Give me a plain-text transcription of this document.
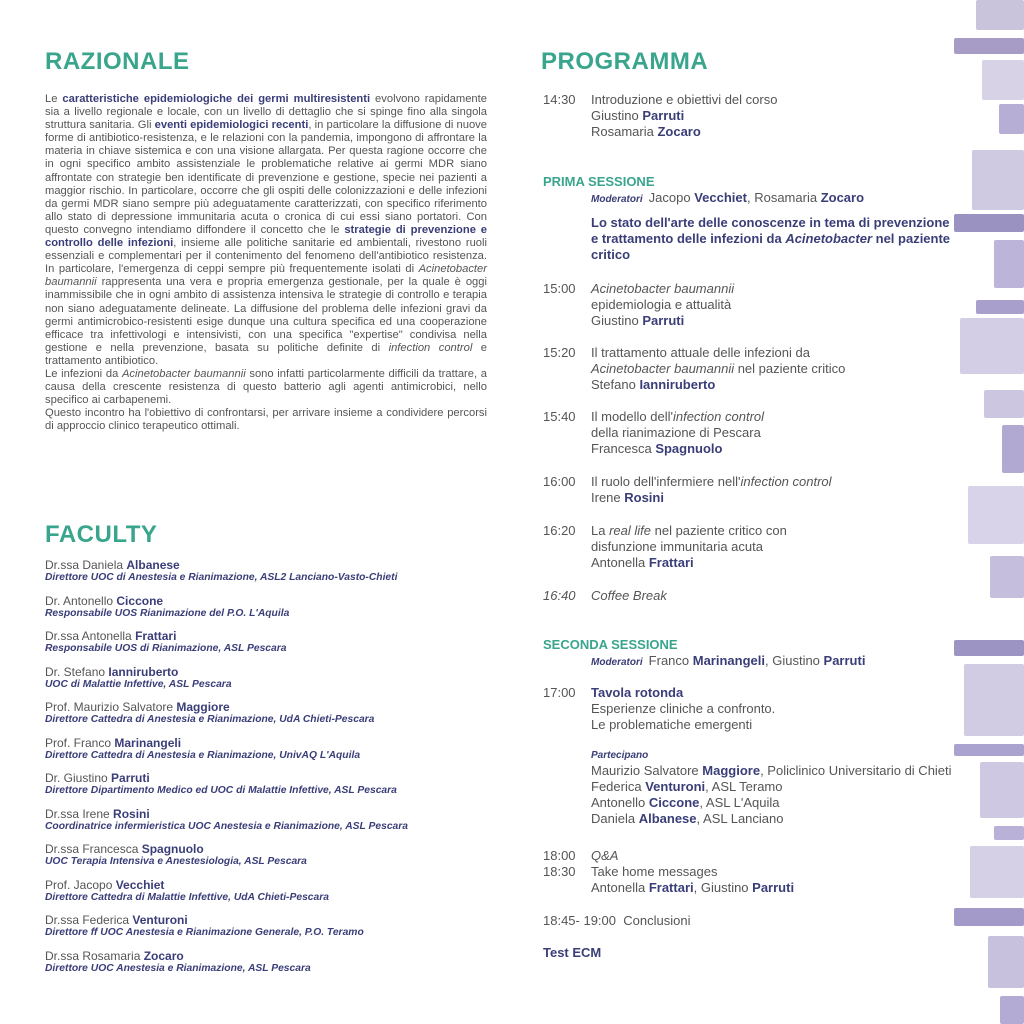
RAZIONALE

Le caratteristiche epidemiologiche dei germi multiresistenti evolvono rapidamente sia a livello regionale e locale, con un livello di dettaglio che si spinge fino alla singola struttura sanitaria. Gli eventi epidemiologici recenti, in particolare la diffusione di nuove forme di antibiotico-resistenza, e le relazioni con la pandemia, impongono di affrontare la materia in chiave sistemica e con una visione allargata. Per questa ragione occorre che in ogni specifico ambito assistenziale le problematiche relative ai germi MDR siano affrontate con strategie ben identificate di prevenzione e gestione, specie nei pazienti a maggior rischio. In particolare, occorre che gli ospiti delle colonizzazioni e delle infezioni da germi MDR siano sempre più adeguatamente caratterizzati, con specifico riferimento allo stato di depressione immunitaria acuta o cronica di cui essi siano portatori. Con questo convegno intendiamo diffondere il concetto che le strategie di prevenzione e controllo delle infezioni, insieme alle politiche sanitarie ed ambientali, rivestono ruoli essenziali e complementari per il contenimento del fenomeno dell'antibiotico resistenza. In particolare, l'emergenza di ceppi sempre più frequentemente isolati di Acinetobacter baumannii rappresenta una vera e propria emergenza gestionale, per la quale è oggi inammissibile che in ogni ambito di assistenza intensiva le strategie di controllo e terapia non siano adeguatamente delineate. La diffusione del problema delle infezioni gravi da germi antimicrobico-resistenti esige dunque una cultura specifica ed una cooperazione efficace tra infettivologi e intensivisti, con una specifica "expertise" condivisa nella gestione e nella prevenzione, basata su politiche definite di infection control e trattamento antibiotico.

Le infezioni da Acinetobacter baumannii sono infatti particolarmente difficili da trattare, a causa della crescente resistenza di questo batterio agli agenti antimicrobici, nello specifico ai carbapenemi.

Questo incontro ha l'obiettivo di confrontarsi, per arrivare insieme a condividere percorsi di approccio clinico terapeutico ottimali.

FACULTY
Dr.ssa Daniela Albanese
Direttore UOC di Anestesia e Rianimazione, ASL2 Lanciano-Vasto-Chieti
Dr. Antonello Ciccone
Responsabile UOS Rianimazione del P.O. L'Aquila
Dr.ssa Antonella Frattari
Responsabile UOS di Rianimazione, ASL Pescara
Dr. Stefano Ianniruberto
UOC di Malattie Infettive, ASL Pescara
Prof. Maurizio Salvatore Maggiore
Direttore Cattedra di Anestesia e Rianimazione, UdA Chieti-Pescara
Prof. Franco Marinangeli
Direttore Cattedra di Anestesia e Rianimazione, UnivAQ L'Aquila
Dr. Giustino Parruti
Direttore Dipartimento Medico ed UOC di Malattie Infettive, ASL Pescara
Dr.ssa Irene Rosini
Coordinatrice infermieristica UOC Anestesia e Rianimazione, ASL Pescara
Dr.ssa Francesca Spagnuolo
UOC Terapia Intensiva e Anestesiologia, ASL Pescara
Prof. Jacopo Vecchiet
Direttore Cattedra di Malattie Infettive, UdA Chieti-Pescara
Dr.ssa Federica Venturoni
Direttore ff UOC Anestesia e Rianimazione Generale, P.O. Teramo
Dr.ssa Rosamaria Zocaro
Direttore UOC Anestesia e Rianimazione, ASL Pescara
PROGRAMMA
14:30	Introduzione e obiettivi del corso
Giustino Parruti
Rosamaria Zocaro
PRIMA SESSIONE
Moderatori Jacopo Vecchiet, Rosamaria Zocaro
Lo stato dell'arte delle conoscenze in tema di prevenzione e trattamento delle infezioni da Acinetobacter nel paziente critico
15:00	Acinetobacter baumannii
epidemiologia e attualità
Giustino Parruti
15:20	Il trattamento attuale delle infezioni da
Acinetobacter baumannii nel paziente critico
Stefano Iannirubert​o
15:40	Il modello dell'infection control
della rianimazione di Pescara
Francesca Spagnuolo
16:00	Il ruolo dell'infermiere nell'infection control
Irene Rosini
16:20	La real life nel paziente critico con
disfunzione immunitaria acuta
Antonella Frattari
16:40	Coffee Break
SECONDA SESSIONE
Moderatori Franco Marinangeli, Giustino Parruti
17:00	Tavola rotonda
Esperienze cliniche a confronto.
Le problematiche emergenti
Partecipano
Maurizio Salvatore Maggiore, Policlinico Universitario di Chieti
Federica Venturoni, ASL Teramo
Antonello Ciccone, ASL L'Aquila
Daniela Albanese, ASL Lanciano
18:00	Q&A
18:30	Take home messages
Antonella Frattari, Giustino Parruti
18:45- 19:00 Conclusioni
Test ECM
